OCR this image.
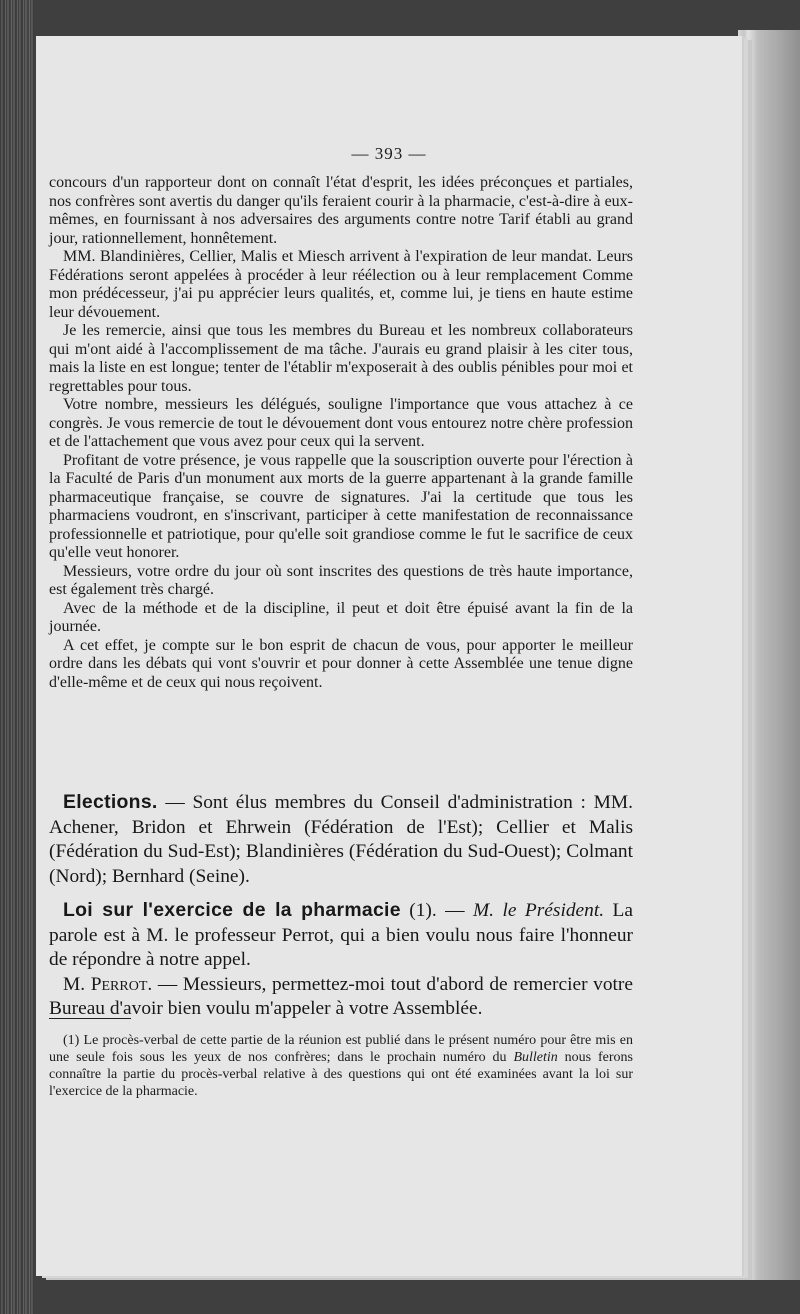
— 393 —

concours d'un rapporteur dont on connaît l'état d'esprit, les idées préconçues et partiales, nos confrères sont avertis du danger qu'ils feraient courir à la pharmacie, c'est-à-dire à eux-mêmes, en fournissant à nos adversaires des arguments contre notre Tarif établi au grand jour, rationnellement, honnêtement.

MM. Blandinières, Cellier, Malis et Miesch arrivent à l'expiration de leur mandat. Leurs Fédérations seront appelées à procéder à leur réélection ou à leur remplacement Comme mon prédécesseur, j'ai pu apprécier leurs qualités, et, comme lui, je tiens en haute estime leur dévouement.

Je les remercie, ainsi que tous les membres du Bureau et les nombreux collaborateurs qui m'ont aidé à l'accomplissement de ma tâche. J'aurais eu grand plaisir à les citer tous, mais la liste en est longue; tenter de l'établir m'exposerait à des oublis pénibles pour moi et regrettables pour tous.

Votre nombre, messieurs les délégués, souligne l'importance que vous attachez à ce congrès. Je vous remercie de tout le dévouement dont vous entourez notre chère profession et de l'attachement que vous avez pour ceux qui la servent.

Profitant de votre présence, je vous rappelle que la souscription ouverte pour l'érection à la Faculté de Paris d'un monument aux morts de la guerre appartenant à la grande famille pharmaceutique française, se couvre de signatures. J'ai la certitude que tous les pharmaciens voudront, en s'inscrivant, participer à cette manifestation de reconnaissance professionnelle et patriotique, pour qu'elle soit grandiose comme le fut le sacrifice de ceux qu'elle veut honorer.

Messieurs, votre ordre du jour où sont inscrites des questions de très haute importance, est également très chargé.

Avec de la méthode et de la discipline, il peut et doit être épuisé avant la fin de la journée.

A cet effet, je compte sur le bon esprit de chacun de vous, pour apporter le meilleur ordre dans les débats qui vont s'ouvrir et pour donner à cette Assemblée une tenue digne d'elle-même et de ceux qui nous reçoivent.

Elections. — Sont élus membres du Conseil d'administration : MM. Achener, Bridon et Ehrwein (Fédération de l'Est); Cellier et Malis (Fédération du Sud-Est); Blandinières (Fédération du Sud-Ouest); Colmant (Nord); Bernhard (Seine).

Loi sur l'exercice de la pharmacie (1). — M. le Président. La parole est à M. le professeur Perrot, qui a bien voulu nous faire l'honneur de répondre à notre appel.

M. Perrot. — Messieurs, permettez-moi tout d'abord de remercier votre Bureau d'avoir bien voulu m'appeler à votre Assemblée.

(1) Le procès-verbal de cette partie de la réunion est publié dans le présent numéro pour être mis en une seule fois sous les yeux de nos confrères; dans le prochain numéro du Bulletin nous ferons connaître la partie du procès-verbal relative à des questions qui ont été examinées avant la loi sur l'exercice de la pharmacie.
